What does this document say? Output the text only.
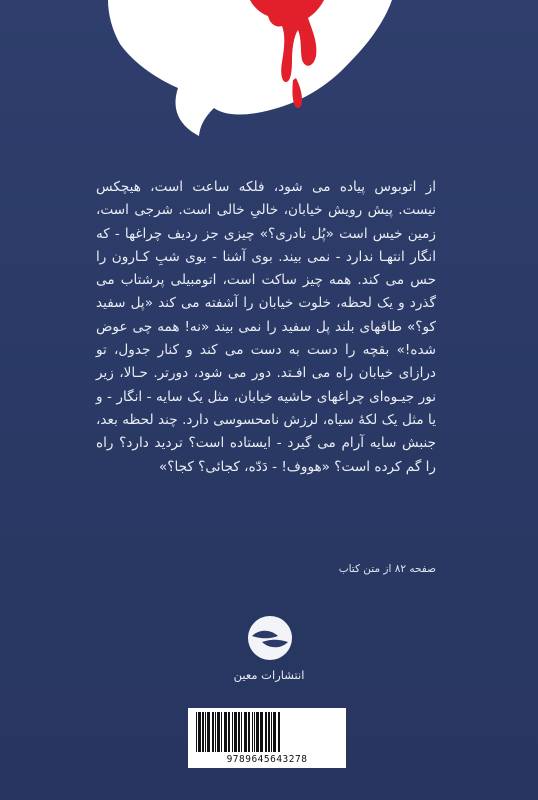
از اتوبوس پیاده می شود، فلکه ساعت است، هیچکس نیست. پیش رویش خیابان، خالیِ خالی است. شرجی است، زمین خیس است «پُل نادری؟» چیزی جز ردیف چراغها - که انگار انتهـا ندارد - نمی بیند. بوی آشنا - بوی شبِ کـارون را حس می کند. همه چیز ساکت است، اتومبیلی پرشتاب می گذرد و یک لحظه، خلوت خیابان را آشفته می کند «پل سفید کو؟» طاقهای بلند پل سفید را نمی بیند «نه! همه چی عوض شده!» بقچه را دست به دست می کند و کنار جدول، تو درازای خیابان راه می افـتد. دور می شود، دورتر. حـالا، زیر نور جیـوه‌ای چراغهای حاشیه خیابان، مثل یک سایه - انگار - و یا مثل یک لکهٔ سیاه، لرزش نامحسوسی دارد. چند لحظه بعد، جنبش سایه آرام می گیرد - ایستاده است؟ تردید دارد؟ راه را گم کرده است؟ «هووف! - دَدّه، کجائی؟ کجا؟»

صفحه ۸۲ از متن کتاب
انتشارات معین
9789645643278
